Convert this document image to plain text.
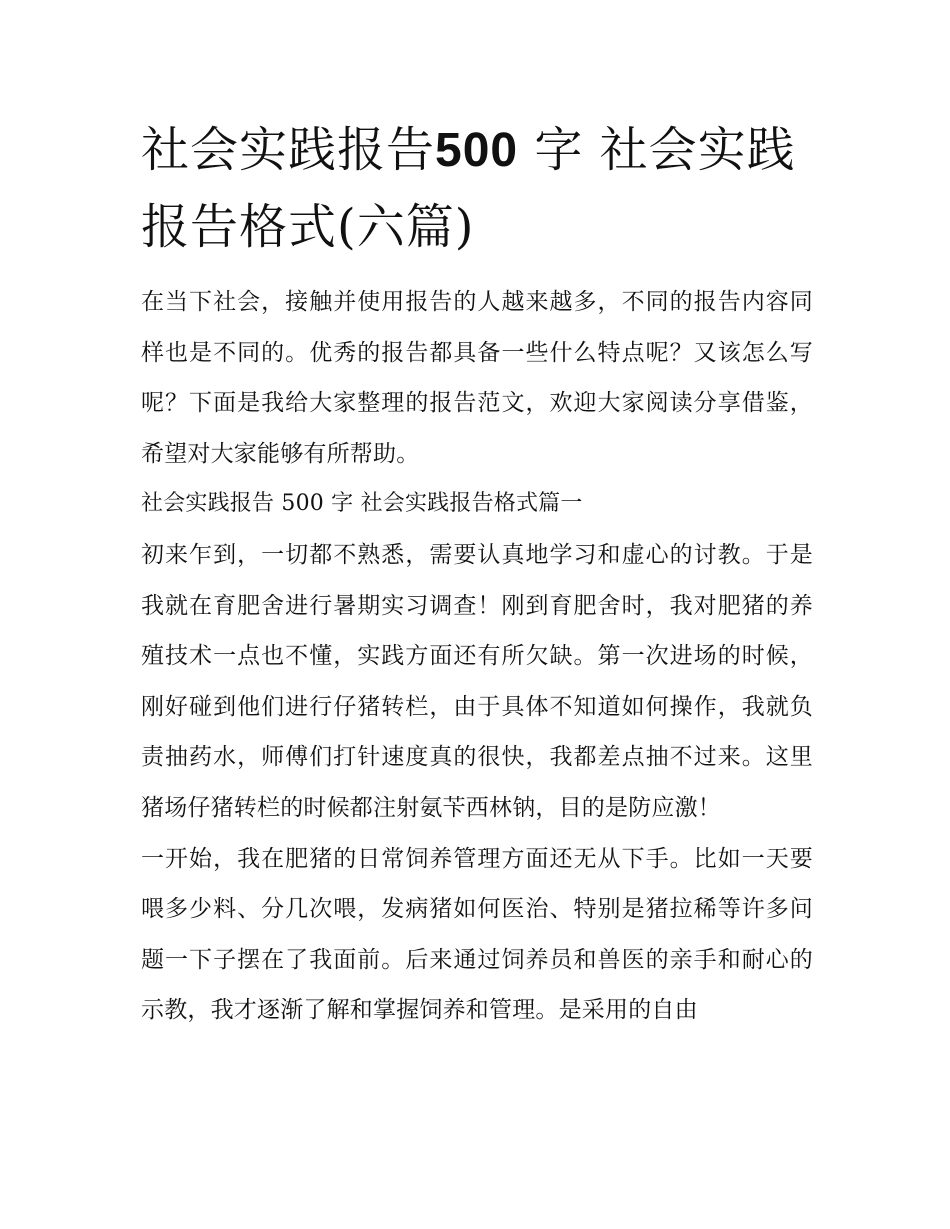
社会实践报告500 字 社会实践报告格式(六篇)

在当下社会，接触并使用报告的人越来越多，不同的报告内容同样也是不同的。优秀的报告都具备一些什么特点呢？又该怎么写呢？下面是我给大家整理的报告范文，欢迎大家阅读分享借鉴，希望对大家能够有所帮助。

社会实践报告 500 字 社会实践报告格式篇一

初来乍到，一切都不熟悉，需要认真地学习和虚心的讨教。于是我就在育肥舍进行暑期实习调查！刚到育肥舍时，我对肥猪的养殖技术一点也不懂，实践方面还有所欠缺。第一次进场的时候，刚好碰到他们进行仔猪转栏，由于具体不知道如何操作，我就负责抽药水，师傅们打针速度真的很快，我都差点抽不过来。这里猪场仔猪转栏的时候都注射氨苄西林钠，目的是防应激！

一开始，我在肥猪的日常饲养管理方面还无从下手。比如一天要喂多少料、分几次喂，发病猪如何医治、特别是猪拉稀等许多问题一下子摆在了我面前。后来通过饲养员和兽医的亲手和耐心的示教，我才逐渐了解和掌握饲养和管理。是采用的自由
